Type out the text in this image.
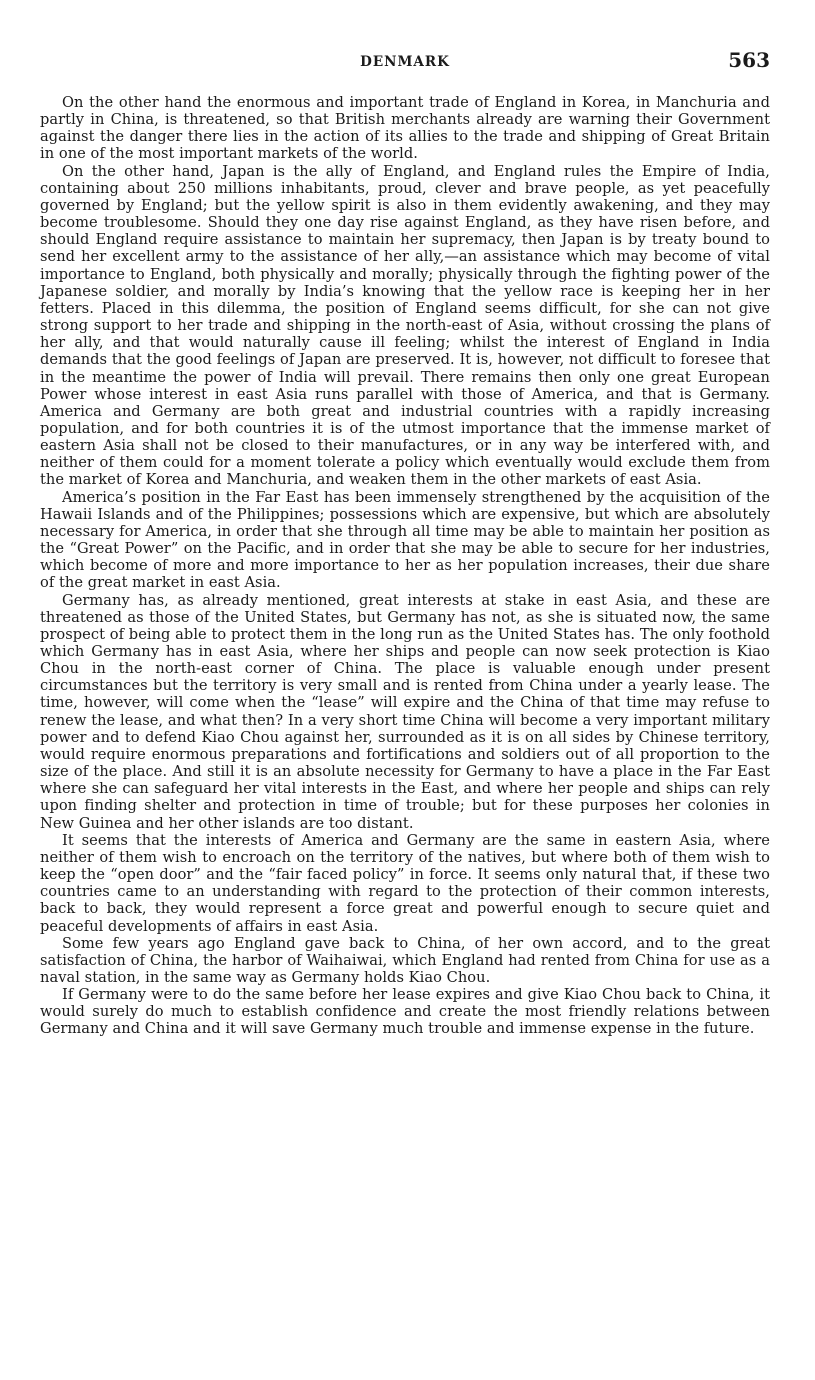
DENMARK	563

On the other hand the enormous and important trade of England in Korea, in Manchuria and partly in China, is threatened, so that British merchants already are warning their Government against the danger there lies in the action of its allies to the trade and shipping of Great Britain in one of the most important markets of the world.

On the other hand, Japan is the ally of England, and England rules the Empire of India, containing about 250 millions inhabitants, proud, clever and brave people, as yet peacefully governed by England; but the yellow spirit is also in them evidently awakening, and they may become troublesome. Should they one day rise against England, as they have risen before, and should England require assistance to maintain her supremacy, then Japan is by treaty bound to send her excellent army to the assistance of her ally,—an assistance which may become of vital importance to England, both physically and morally; physically through the fighting power of the Japanese soldier, and morally by India’s knowing that the yellow race is keeping her in her fetters. Placed in this dilemma, the position of England seems difficult, for she can not give strong support to her trade and shipping in the north-east of Asia, without crossing the plans of her ally, and that would naturally cause ill feeling; whilst the interest of England in India demands that the good feelings of Japan are preserved. It is, however, not difficult to foresee that in the meantime the power of India will prevail. There remains then only one great European Power whose interest in east Asia runs parallel with those of America, and that is Germany. America and Germany are both great and industrial countries with a rapidly increasing population, and for both countries it is of the utmost importance that the immense market of eastern Asia shall not be closed to their manufactures, or in any way be interfered with, and neither of them could for a moment tolerate a policy which eventually would exclude them from the market of Korea and Manchuria, and weaken them in the other markets of east Asia.

America’s position in the Far East has been immensely strengthened by the acquisition of the Hawaii Islands and of the Philippines; possessions which are expensive, but which are absolutely necessary for America, in order that she through all time may be able to maintain her position as the “Great Power” on the Pacific, and in order that she may be able to secure for her industries, which become of more and more importance to her as her population increases, their due share of the great market in east Asia.

Germany has, as already mentioned, great interests at stake in east Asia, and these are threatened as those of the United States, but Germany has not, as she is situated now, the same prospect of being able to protect them in the long run as the United States has. The only foothold which Germany has in east Asia, where her ships and people can now seek protection is Kiao Chou in the north-east corner of China. The place is valuable enough under present circumstances but the territory is very small and is rented from China under a yearly lease. The time, however, will come when the “lease” will expire and the China of that time may refuse to renew the lease, and what then? In a very short time China will become a very important military power and to defend Kiao Chou against her, surrounded as it is on all sides by Chinese territory, would require enormous preparations and fortifications and soldiers out of all proportion to the size of the place. And still it is an absolute necessity for Germany to have a place in the Far East where she can safeguard her vital interests in the East, and where her people and ships can rely upon finding shelter and protection in time of trouble; but for these purposes her colonies in New Guinea and her other islands are too distant.

It seems that the interests of America and Germany are the same in eastern Asia, where neither of them wish to encroach on the territory of the natives, but where both of them wish to keep the “open door” and the “fair faced policy” in force. It seems only natural that, if these two countries came to an understanding with regard to the protection of their common interests, back to back, they would represent a force great and powerful enough to secure quiet and peaceful developments of affairs in east Asia.

Some few years ago England gave back to China, of her own accord, and to the great satisfaction of China, the harbor of Waihaiwai, which England had rented from China for use as a naval station, in the same way as Germany holds Kiao Chou.

If Germany were to do the same before her lease expires and give Kiao Chou back to China, it would surely do much to establish confidence and create the most friendly relations between Germany and China and it will save Germany much trouble and immense expense in the future.
